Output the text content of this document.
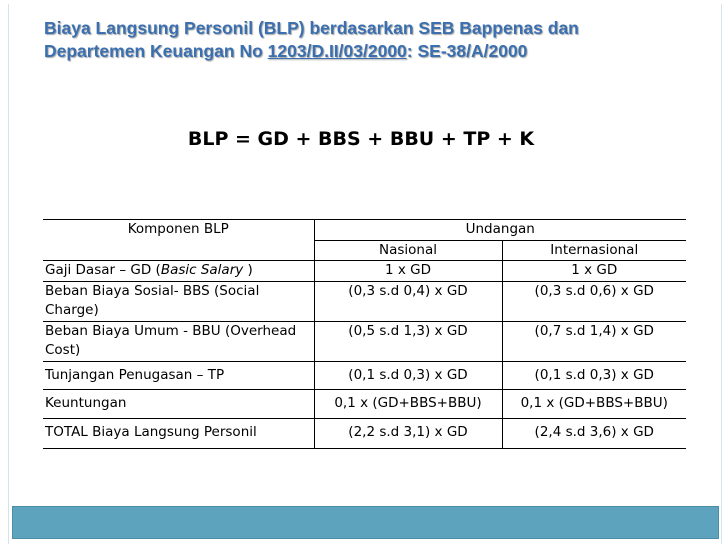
Biaya Langsung Personil (BLP) berdasarkan SEB Bappenas dan
Departemen Keuangan No 1203/D.II/03/2000: SE-38/A/2000
BLP = GD + BBS + BBU + TP + K
Komponen BLP	Undangan	
	Nasional	Internasional
Gaji Dasar – GD (Basic Salary )	1 x GD	1 x GD
Beban Biaya Sosial- BBS (Social Charge)	(0,3 s.d 0,4) x GD	(0,3 s.d 0,6) x GD
Beban Biaya Umum - BBU (Overhead Cost)	(0,5 s.d 1,3) x GD	(0,7 s.d 1,4) x GD
Tunjangan Penugasan – TP	(0,1 s.d 0,3) x GD	(0,1 s.d 0,3) x GD
Keuntungan	0,1 x (GD+BBS+BBU)	0,1 x (GD+BBS+BBU)
TOTAL Biaya Langsung Personil	(2,2 s.d 3,1) x GD	(2,4 s.d 3,6) x GD
